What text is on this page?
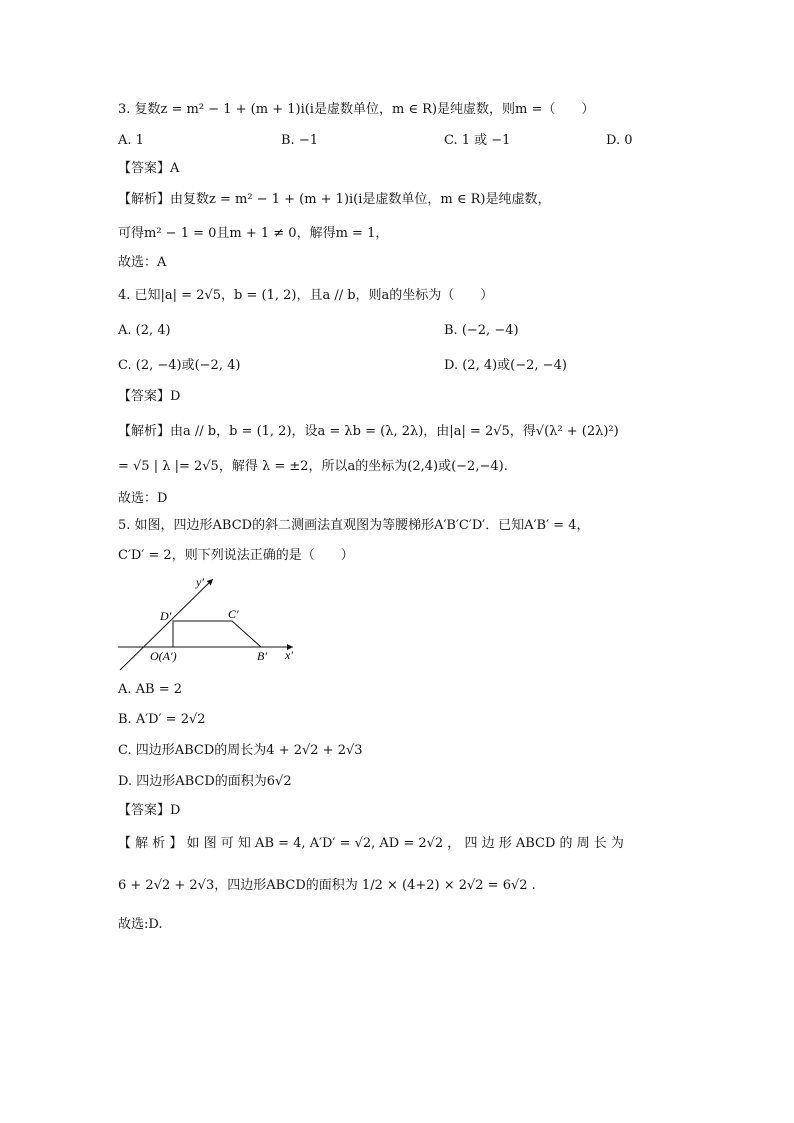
3. 复数z = m² − 1 + (m + 1)i(i是虚数单位，m ∈ R)是纯虚数，则m =（　　）
A. 1	B. −1	C. 1 或 −1	D. 0
【答案】A
【解析】由复数z = m² − 1 + (m + 1)i(i是虚数单位，m ∈ R)是纯虚数，
可得m² − 1 = 0且m + 1 ≠ 0，解得m = 1，
故选：A
4. 已知|a| = 2√5，b = (1, 2)，且a // b，则a的坐标为（　　）
A. (2, 4)	B. (−2, −4)
C. (2, −4)或(−2, 4)	D. (2, 4)或(−2, −4)
【答案】D
【解析】由a // b，b = (1, 2)，设a = λb = (λ, 2λ)，由|a| = 2√5，得√(λ² + (2λ)²)
= √5 | λ |= 2√5，解得 λ = ±2，所以a的坐标为(2,4)或(−2,−4).
故选：D
5. 如图，四边形ABCD的斜二测画法直观图为等腰梯形A′B′C′D′．已知A′B′ = 4，
C′D′ = 2，则下列说法正确的是（　　）
y′
x′
D′	C′
B′
O(A′)
A. AB = 2
B. A′D′ = 2√2
C. 四边形ABCD的周长为4 + 2√2 + 2√3
D. 四边形ABCD的面积为6√2
【答案】D
【 解 析 】 如 图 可 知 AB = 4, A′D′ = √2, AD = 2√2 ， 四 边 形 ABCD 的 周 长 为
6 + 2√2 + 2√3，四边形ABCD的面积为 1/2 × (4+2) × 2√2 = 6√2 .
故选:D.
